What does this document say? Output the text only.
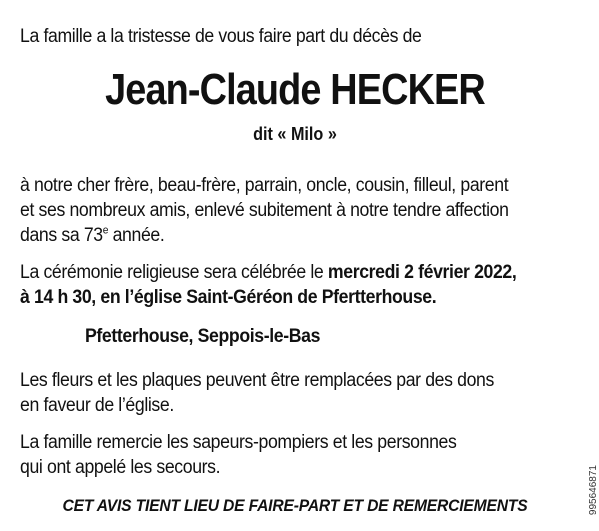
La famille a la tristesse de vous faire part du décès de
Jean-Claude HECKER
dit « Milo »
à notre cher frère, beau-frère, parrain, oncle, cousin, filleul, parent
et ses nombreux amis, enlevé subitement à notre tendre affection
dans sa 73e année.
La cérémonie religieuse sera célébrée le mercredi 2 février 2022,
à 14 h 30, en l’église Saint-Géréon de Pfertterhouse.
Pfetterhouse, Seppois-le-Bas
Les fleurs et les plaques peuvent être remplacées par des dons
en faveur de l’église.
La famille remercie les sapeurs-pompiers et les personnes
qui ont appelé les secours.
CET AVIS TIENT LIEU DE FAIRE-PART ET DE REMERCIEMENTS	995646871
